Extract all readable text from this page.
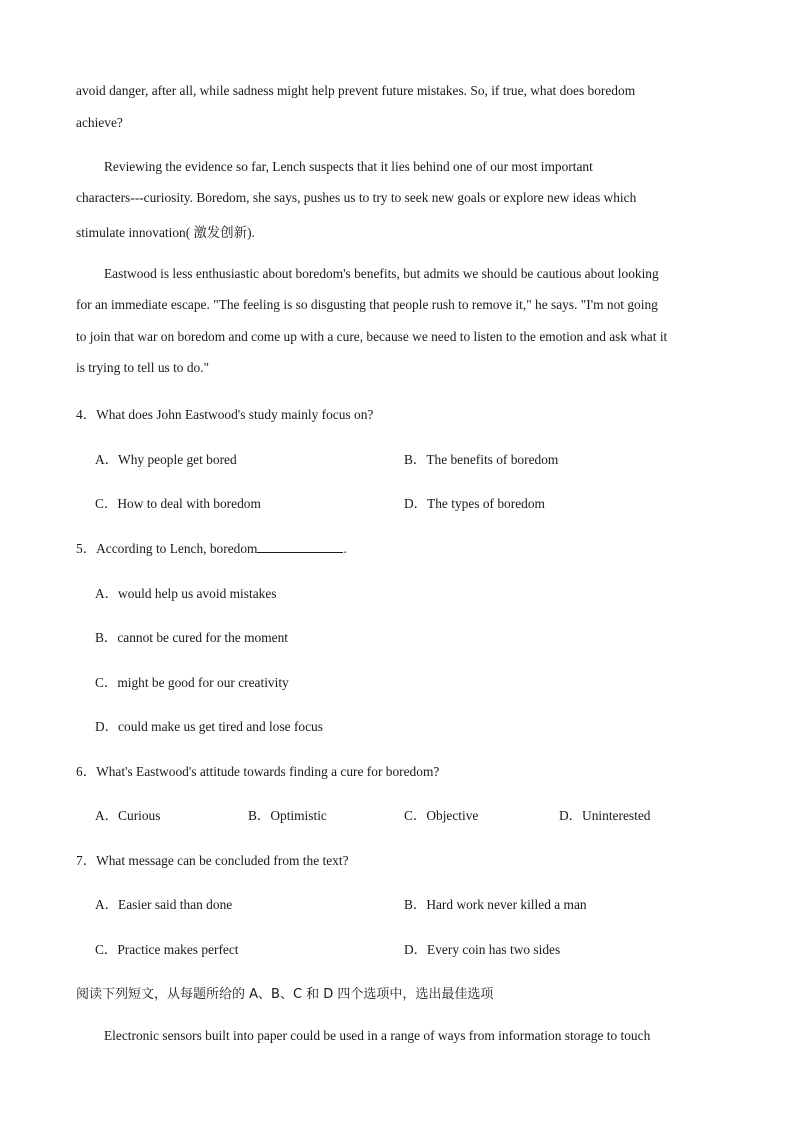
avoid danger, after all, while sadness might help prevent future mistakes. So, if true, what does boredom
achieve?
Reviewing the evidence so far, Lench suspects that it lies behind one of our most important
characters---curiosity. Boredom, she says, pushes us to try to seek new goals or explore new ideas which
stimulate innovation( 激发创新).
Eastwood is less enthusiastic about boredom's benefits, but admits we should be cautious about looking
for an immediate escape. "The feeling is so disgusting that people rush to remove it," he says. "I'm not going
to join that war on boredom and come up with a cure, because we need to listen to the emotion and ask what it
is trying to tell us to do."
4．What does John Eastwood's study mainly focus on?
A．Why people get bored	B．The benefits of boredom
C．How to deal with boredom	D．The types of boredom
5．According to Lench, boredom	.
A．would help us avoid mistakes
B．cannot be cured for the moment
C．might be good for our creativity
D．could make us get tired and lose focus
6．What's Eastwood's attitude towards finding a cure for boredom?
A．Curious	B．Optimistic	C．Objective	D．Uninterested
7．What message can be concluded from the text?
A．Easier said than done	B．Hard work never killed a man
C．Practice makes perfect	D．Every coin has two sides
阅读下列短文，从每题所给的 A、B、C 和 D 四个选项中，选出最佳选项
Electronic sensors built into paper could be used in a range of ways from information storage to touch
